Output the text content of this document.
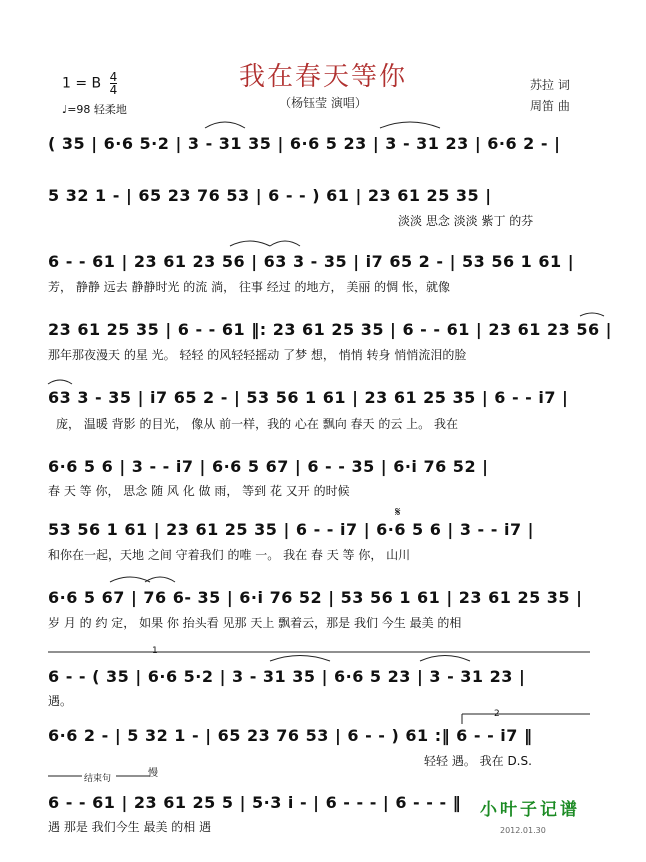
我在春天等你
（杨钰莹 演唱）
1 = B $\frac{4}{4}$
♩=98 轻柔地
苏拉 词
周笛 曲
( 35 | 6·6 5·2 | 3 - 31 35 | 6·6 5 23 | 3 - 31 23 | 6·6 2 - |
5 32 1 - | 65 23 76 53 | 6 - - ) 61 | 23 61 25 35 |
淡淡 思念 淡淡 紫丁 的芬
6 - - 61 | 23 61 23 56 | 63 3 - 35 | i7 65 2 - | 53 56 1 61 |
芳， 静静 远去 静静时光 的流 淌， 往事 经过 的地方， 美丽 的惆 怅，就像
23 61 25 35 | 6 - - 61 ‖: 23 61 25 35 | 6 - - 61 | 23 61 23 56 |
那年那夜漫天 的星 光。 轻轻 的风轻轻摇动 了梦 想， 悄悄 转身 悄悄流泪的脸
63 3 - 35 | i7 65 2 - | 53 56 1 61 | 23 61 25 35 | 6 - - i7 |
庞， 温暖 背影 的目光， 像从 前一样，我的 心在 飘向 春天 的云 上。 我在
6·6 5 6 | 3 - - i7 | 6·6 5 67 | 6 - - 35 | 6·i 76 52 |
春 天 等 你， 思念 随 风 化 做 雨， 等到 花 又开 的时候
53 56 1 61 | 23 61 25 35 | 6 - - i7 | 6·6 5 6 | 3 - - i7 |
和你在一起，天地 之间 守着我们 的唯 一。 我在 春 天 等 你， 山川
6·6 5 67 | 76 6- 35 | 6·i 76 52 | 53 56 1 61 | 23 61 25 35 |
岁 月 的 约 定， 如果 你 抬头看 见那 天上 飘着云，那是 我们 今生 最美 的相
6 - - ( 35 | 6·6 5·2 | 3 - 31 35 | 6·6 5 23 | 3 - 31 23 |
遇。
6·6 2 - | 5 32 1 - | 65 23 76 53 | 6 - - ) 61 :‖ 6 - - i7 ‖
轻轻 遇。 我在 D.S.
6 - - 61 | 23 61 25 5 | 5·3 i - | 6 - - - | 6 - - - ‖
遇 那是 我们今生 最美 的相 遇
结束句	慢
1
2
𝄋
小叶子记谱
2012.01.30
